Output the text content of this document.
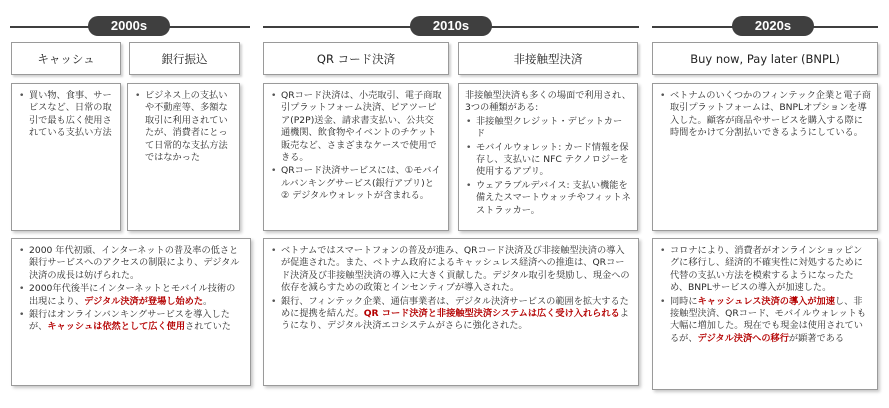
2000s	2010s	2020s
キャッシュ	銀行振込	QR コード決済	非接触型決済	Buy now, Pay later (BNPL)
• 買い物、食事、サービスなど、日常の取引で最も広く使用されている支払い方法
• ビジネス上の支払いや不動産等、多額な取引に利用されていたが、消費者にとって日常的な支払方法ではなかった
• QRコード決済は、小売取引、電子商取引プラットフォーム決済、ピアツーピア(P2P)送金、請求書支払い、公共交通機関、飲食物やイベントのチケット販売など、さまざまなケースで使用できる。
• QRコード決済サービスには、①モバイルバンキングサービス(銀行アプリ)と② デジタルウォレットが含まれる。
非接触型決済も多くの場面で利用され、3つの種類がある:
• 非接触型クレジット・デビットカード
• モバイルウォレット: カード情報を保存し、支払いに NFC テクノロジーを使用するアプリ。
• ウェアラブルデバイス: 支払い機能を備えたスマートウォッチやフィットネストラッカー。
• ベトナムのいくつかのフィンテック企業と電子商取引プラットフォームは、BNPLオプションを導入した。顧客が商品やサービスを購入する際に時間をかけて分割払いできるようにしている。
• 2000 年代初頭、インターネットの普及率の低さと銀行サービスへのアクセスの制限により、デジタル決済の成長は妨げられた。
• 2000年代後半にインターネットとモバイル技術の出現により、デジタル決済が登場し始めた。
• 銀行はオンラインバンキングサービスを導入したが、キャッシュは依然として広く使用されていた
• ベトナムではスマートフォンの普及が進み、QRコード決済及び非接触型決済の導入が促進された。また、ベトナム政府によるキャッシュレス経済への推進は、QRコード決済及び非接触型決済の導入に大きく貢献した。デジタル取引を奨励し、現金への依存を減らすための政策とインセンティブが導入された。
• 銀行、フィンテック企業、通信事業者は、デジタル決済サービスの範囲を拡大するために提携を結んだ。QR コード決済と非接触型決済システムは広く受け入れられるようになり、デジタル決済エコシステムがさらに強化された。
• コロナにより、消費者がオンラインショッピングに移行し、経済的不確実性に対処するために代替の支払い方法を模索するようになったため、BNPLサービスの導入が加速した。
• 同時にキャッシュレス決済の導入が加速し、非接触型決済、QRコード、モバイルウォレットも大幅に増加した。現在でも現金は使用されているが、デジタル決済への移行が顕著である
